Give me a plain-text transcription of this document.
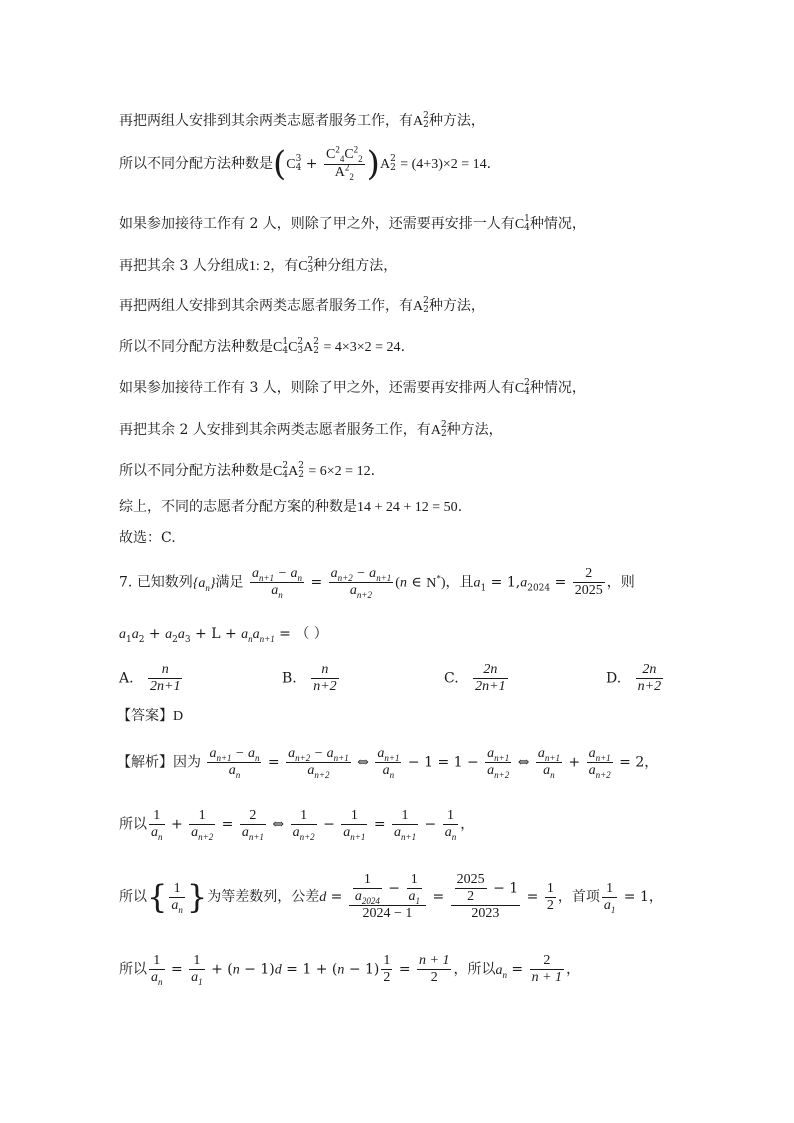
再把两组人安排到其余两类志愿者服务工作，有A 2
2 种方法，
所以不同分配方法种数是(C 3
$4 + \frac{C^2_4C^2_2}{A^2_2} )A$ 2
2 = (4+3)×2 = 14.
如果参加接待工作有 2 人，则除了甲之外，还需要再安排一人有C 1
4 种情况，
再把其余 3 人分组成1: 2，有C 2
3 种分组方法，
再把两组人安排到其余两类志愿者服务工作，有A 2
2 种方法，
所以不同分配方法种数是C 1
4 C 2
3 A 2
2 = 4×3×2 = 24.
如果参加接待工作有 3 人，则除了甲之外，还需要再安排两人有C 2
4 种情况，
再把其余 2 人安排到其余两类志愿者服务工作，有A 2
2 种方法，
所以不同分配方法种数是C 2
4 A 2
2 = 6×2 = 12.
综上，不同的志愿者分配方案的种数是14 + 24 + 12 = 50.
故选：C.
7. 已知数列$\{a_n\}$满足 $\frac{a_{n+1} - a_n}{a_n} = \frac{a_{n+2} - a_{n+1}}{a_{n+2}} (n$ ∈ N*)，且$a_1 = 1,a_{2024} = \frac{2}{2025}$ ，则
$a_1a_2 + a_2a_3 + L + a_na_{n+1}$ = （ ）
A. $\frac{n}{2n+1}$	B. $\frac{n}{n+2}$	C. $\frac{2n}{2n+1}$	D. $\frac{2n}{n+2}$
【答案】D
【解析】因为 $\frac{a_{n+1} - a_n}{a_n} = \frac{a_{n+2} - a_{n+1}}{a_{n+2}}$ ⇔ $\frac{a_{n+1}}{a_n} - 1 = 1 - \frac{a_{n+1}}{a_{n+2}}$ ⇔ $\frac{a_{n+1}}{a_n} + \frac{a_{n+1}}{a_{n+2}} = 2$，
所以 $\frac{1}{a_n} + \frac{1}{a_{n+2}} = \frac{2}{a_{n+1}}$ ⇔ $\frac{1}{a_{n+2}} - \frac{1}{a_{n+1}} = \frac{1}{a_{n+1}} - \frac{1}{a_n}$ ，
所以{ $\frac{1}{a_n}$ }为等差数列，公差$d = \frac{\frac{1}{a_{2024}} - \frac{1}{a_1}}{2024 - 1} = \frac{\frac{2025}{2} - 1}{2023} = \frac{1}{2}$ ，首项 $\frac{1}{a_1} = 1$，
所以 $\frac{1}{a_n} = \frac{1}{a_1} + (n - 1)d = 1 + (n - 1) \frac{1}{2} = \frac{n + 1}{2}$ ，所以$a_n = \frac{2}{n + 1}$ ，
